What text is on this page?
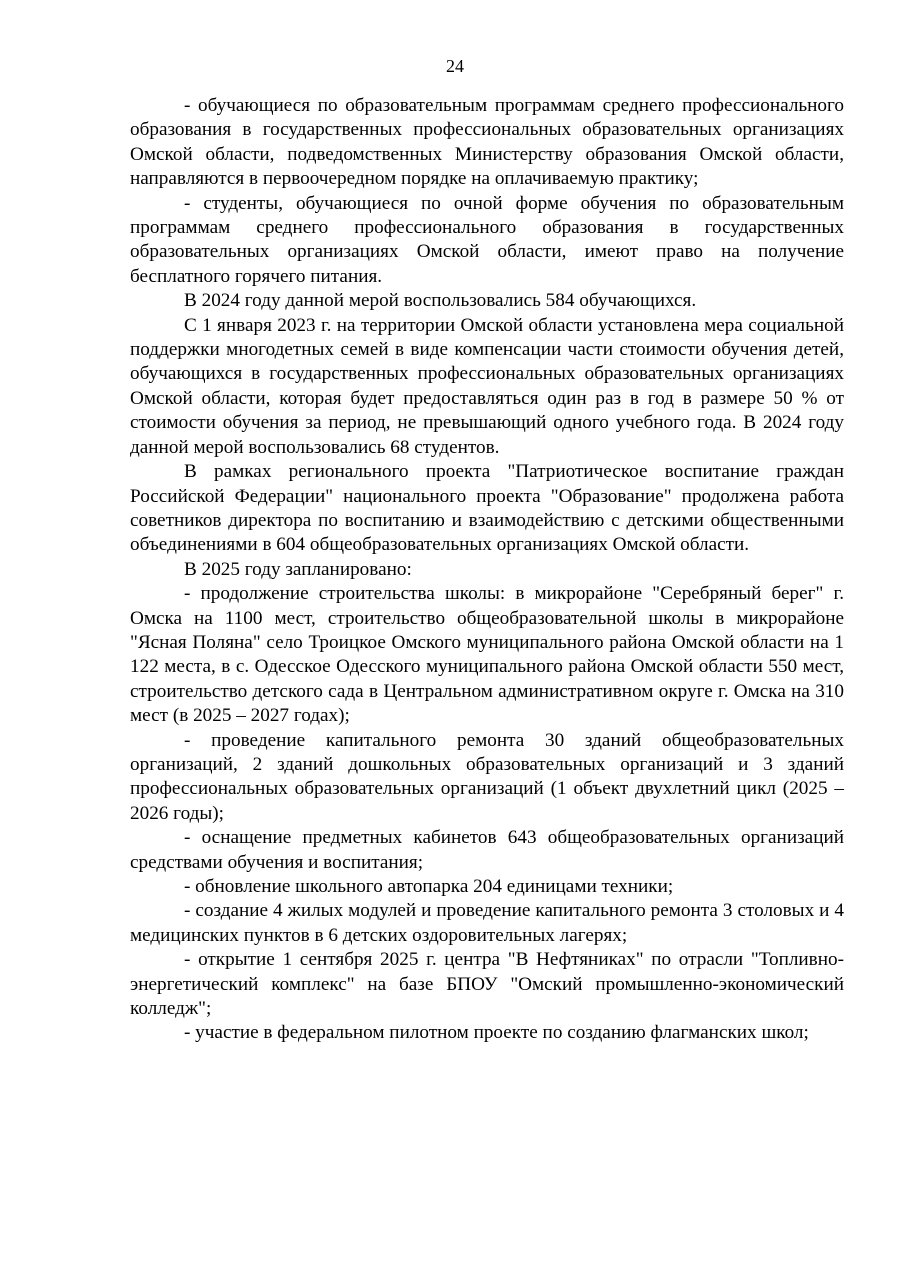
24

- обучающиеся по образовательным программам среднего профессионального образования в государственных профессиональных образовательных организациях Омской области, подведомственных Министерству образования Омской области, направляются в первоочередном порядке на оплачиваемую практику;

- студенты, обучающиеся по очной форме обучения по образовательным программам среднего профессионального образования в государственных образовательных организациях Омской области, имеют право на получение бесплатного горячего питания.

В 2024 году данной мерой воспользовались 584 обучающихся.

С 1 января 2023 г. на территории Омской области установлена мера социальной поддержки многодетных семей в виде компенсации части стоимости обучения детей, обучающихся в государственных профессиональных образовательных организациях Омской области, которая будет предоставляться один раз в год в размере 50 % от стоимости обучения за период, не превышающий одного учебного года. В 2024 году данной мерой воспользовались 68 студентов.

В рамках регионального проекта "Патриотическое воспитание граждан Российской Федерации" национального проекта "Образование" продолжена работа советников директора по воспитанию и взаимодействию с детскими общественными объединениями в 604 общеобразовательных организациях Омской области.

В 2025 году запланировано:

- продолжение строительства школы: в микрорайоне "Серебряный берег" г. Омска на 1100 мест, строительство общеобразовательной школы в микрорайоне "Ясная Поляна" село Троицкое Омского муниципального района Омской области на 1 122 места, в с. Одесское Одесского муниципального района Омской области 550 мест, строительство детского сада в Центральном административном округе г. Омска на 310 мест (в 2025 – 2027 годах);

- проведение капитального ремонта 30 зданий общеобразовательных организаций, 2 зданий дошкольных образовательных организаций и 3 зданий профессиональных образовательных организаций (1 объект двухлетний цикл (2025 – 2026 годы);

- оснащение предметных кабинетов 643 общеобразовательных организаций средствами обучения и воспитания;

- обновление школьного автопарка 204 единицами техники;

- создание 4 жилых модулей и проведение капитального ремонта 3 столовых и 4 медицинских пунктов в 6 детских оздоровительных лагерях;

- открытие 1 сентября 2025 г. центра "В Нефтяниках" по отрасли "Топливно-энергетический комплекс" на базе БПОУ "Омский промышленно-экономический колледж";

- участие в федеральном пилотном проекте по созданию флагманских школ;
